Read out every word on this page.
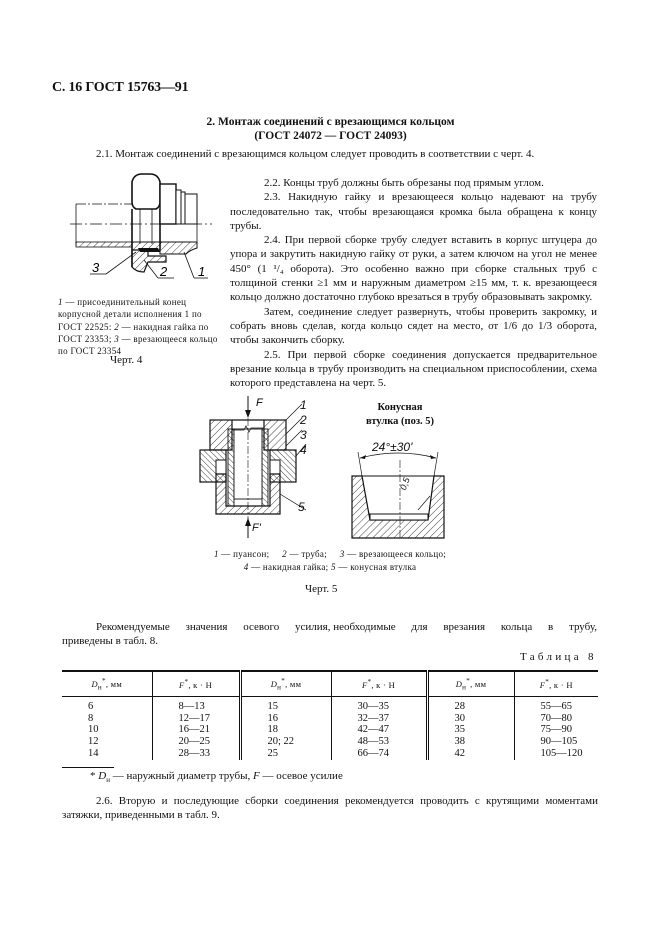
С. 16 ГОСТ 15763—91
2. Монтаж соединений с врезающимся кольцом
(ГОСТ 24072 — ГОСТ 24093)
2.1. Монтаж соединений с врезающимся кольцом следует проводить в соответствии с черт. 4.
3	2 1
1 — присоединительный конец корпусной детали исполнения 1 по ГОСТ 22525: 2 — накидная гайка по ГОСТ 23353; 3 — врезающееся кольцо по ГОСТ 23354
Черт. 4

2.2. Концы труб должны быть обрезаны под прямым углом.

2.3. Накидную гайку и врезающееся кольцо надевают на трубу последовательно так, чтобы врезающаяся кромка была обращена к концу трубы.

2.4. При первой сборке трубу следует вставить в корпус штуцера до упора и закрутить накидную гайку от руки, а затем ключом на угол не менее 450° (1 ¹/₄ оборота). Это особенно важно при сборке стальных труб с толщиной стенки ≥1 мм и наружным диаметром ≥15 мм, т. к. врезающееся кольцо должно достаточно глубоко врезаться в трубу образовывать закромку.

Затем, соединение следует развернуть, чтобы проверить закромку, и собрать вновь сделав, когда кольцо сядет на место, от 1/6 до 1/3 оборота, чтобы закончить сборку.

2.5. При первой сборке соединения допускается предварительное врезание кольца в трубу производить на специальном приспособлении, схема которого представлена на черт. 5.

F	1
2
3
4
5
F'
Конусная
втулка (поз. 5)
24°±30'
0,5
1 — пуансон; 2 — труба; 3 — врезающееся кольцо;
4 — накидная гайка; 5 — конусная втулка
Черт. 5
Рекомендуемые значения осевого усилия, необходимые для врезания кольца в трубу,
приведены в табл. 8.
Таблица 8
$D_н^*$, мм	F*, к · Н	$D_н^*$, мм	F*, к · Н	$D_н^*$, мм	F*, к · Н
6	8—13	15	30—35	28	55—65
8	12—17	16	32—37	30	70—80
10	16—21	18	42—47	35	75—90
12	20—25	20; 22	48—53	38	90—105
14	28—33	25	66—74	42	105—120
* $D_н$ — наружный диаметр трубы, F — осевое усилие
2.6. Вторую и последующие сборки соединения рекомендуется проводить с крутящими моментами затяжки, приведенными в табл. 9.
